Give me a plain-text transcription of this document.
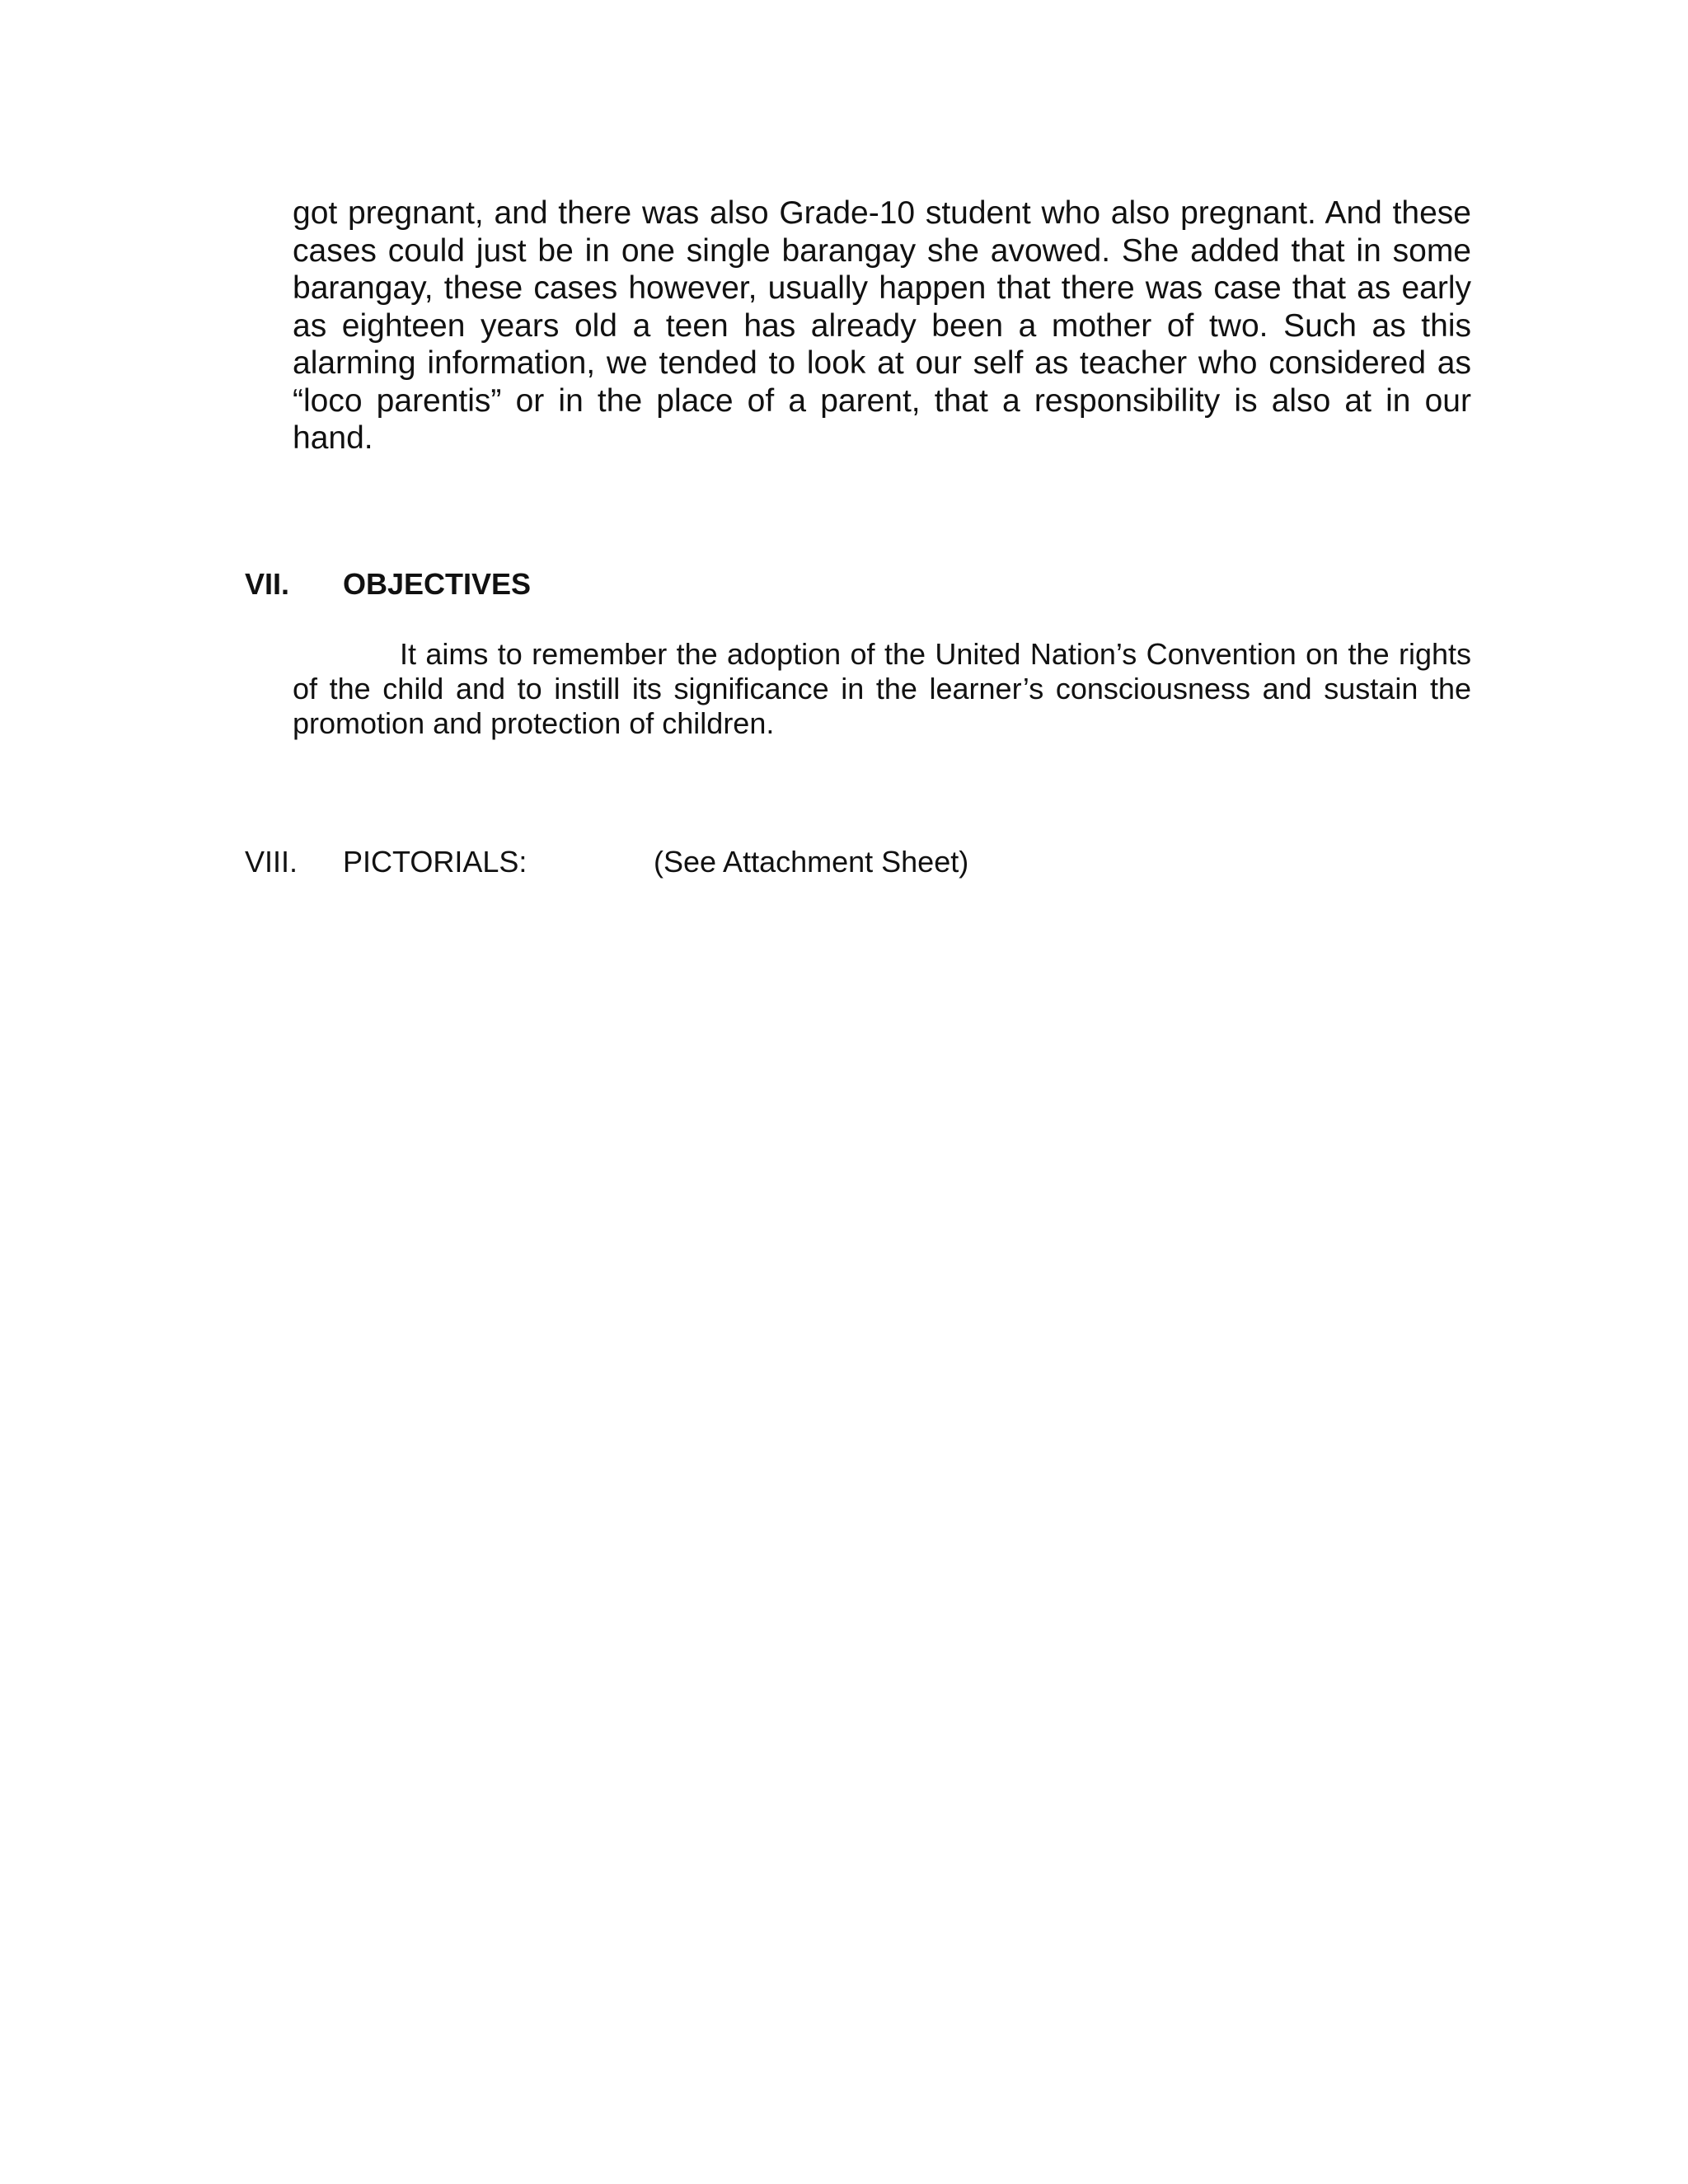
got pregnant, and there was also Grade-10 student who also pregnant. And these cases could just be in one single barangay she avowed. She added that in some barangay, these cases however, usually happen that there was case that as early as eighteen years old a teen has already been a mother of two. Such as this alarming information, we tended to look at our self as teacher who considered as “loco parentis” or in the place of a parent, that a responsibility is also at in our hand.

VII. OBJECTIVES

It aims to remember the adoption of the United Nation’s Convention on the rights of the child and to instill its significance in the learner’s consciousness and sustain the promotion and protection of children.

VIII. PICTORIALS:	(See Attachment Sheet)
